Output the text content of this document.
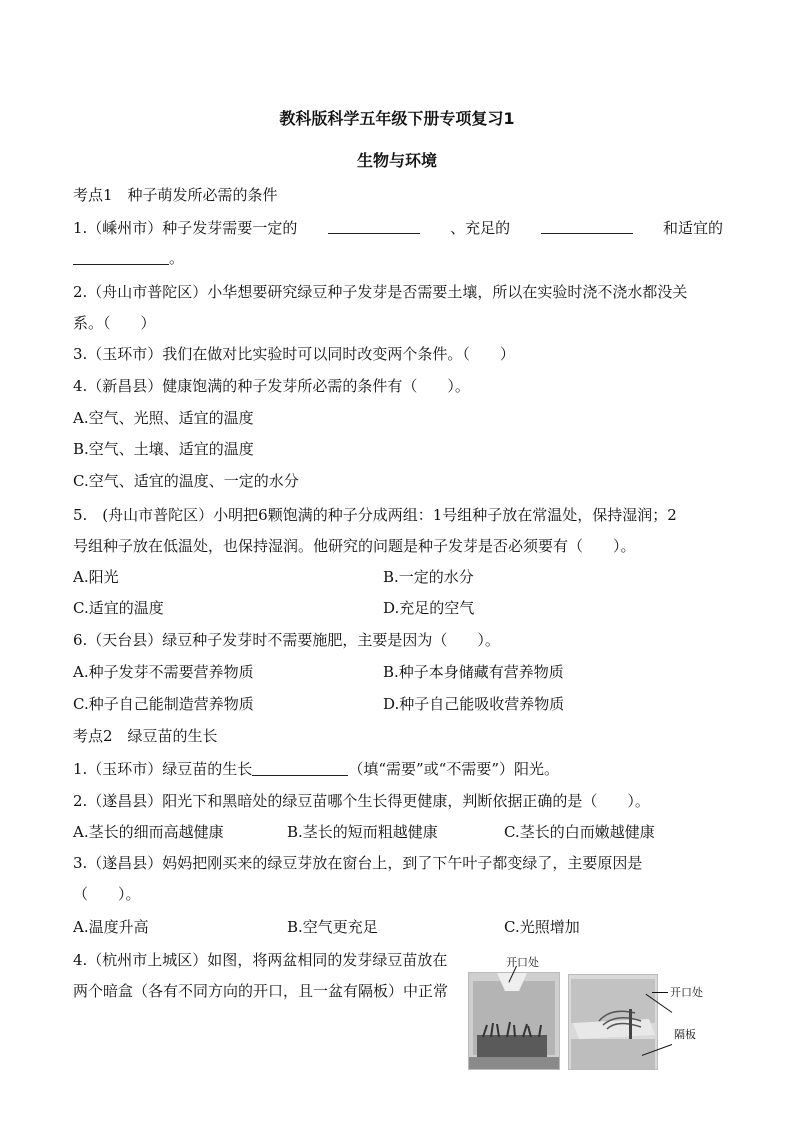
教科版科学五年级下册专项复习1
生物与环境
考点1　种子萌发所必需的条件
1.（嵊州市）种子发芽需要一定的	、充足的	和适宜的
。
2.（舟山市普陀区）小华想要研究绿豆种子发芽是否需要土壤，所以在实验时浇不浇水都没关
系。（　　）
3.（玉环市）我们在做对比实验时可以同时改变两个条件。（　　）
4.（新昌县）健康饱满的种子发芽所必需的条件有（　　）。
A.空气、光照、适宜的温度
B.空气、土壤、适宜的温度
C.空气、适宜的温度、一定的水分
5.　(舟山市普陀区）小明把6颗饱满的种子分成两组：1号组种子放在常温处，保持湿润；2
号组种子放在低温处，也保持湿润。他研究的问题是种子发芽是否必须要有（　　）。
A.阳光	B.一定的水分
C.适宜的温度	D.充足的空气
6.（天台县）绿豆种子发芽时不需要施肥，主要是因为（　　）。
A.种子发芽不需要营养物质	B.种子本身储藏有营养物质
C.种子自己能制造营养物质	D.种子自己能吸收营养物质
考点2　绿豆苗的生长
1.（玉环市）绿豆苗的生长	（填“需要”或“不需要”）阳光。
2.（遂昌县）阳光下和黑暗处的绿豆苗哪个生长得更健康，判断依据正确的是（　　）。
A.茎长的细而高越健康	B.茎长的短而粗越健康	C.茎长的白而嫩越健康
3.（遂昌县）妈妈把刚买来的绿豆芽放在窗台上，到了下午叶子都变绿了，主要原因是
（　　）。
A.温度升高	B.空气更充足	C.光照增加
4.（杭州市上城区）如图，将两盆相同的发芽绿豆苗放在
两个暗盒（各有不同方向的开口，且一盆有隔板）中正常
开口处
开口处
隔板
